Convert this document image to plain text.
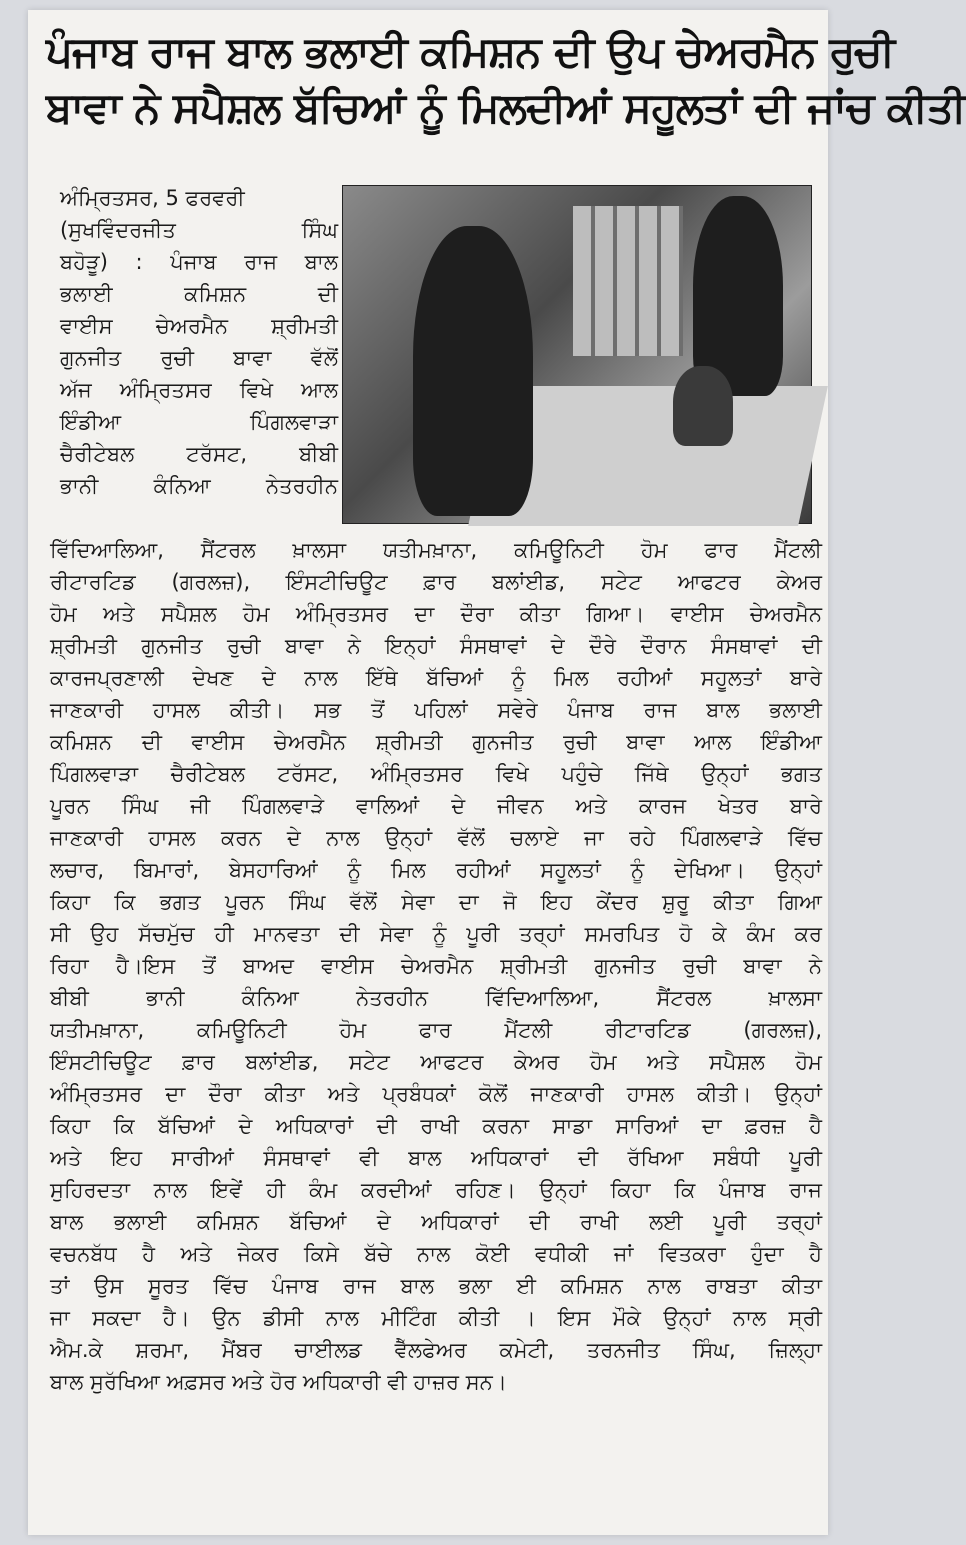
ਪੰਜਾਬ ਰਾਜ ਬਾਲ ਭਲਾਈ ਕਮਿਸ਼ਨ ਦੀ ਉਪ ਚੇਅਰਮੈਨ ਰੁਚੀ
ਬਾਵਾ ਨੇ ਸਪੈਸ਼ਲ ਬੱਚਿਆਂ ਨੂੰ ਮਿਲਦੀਆਂ ਸਹੂਲਤਾਂ ਦੀ ਜਾਂਚ ਕੀਤੀ
ਅੰਮ੍ਰਿਤਸਰ, 5 ਫਰਵਰੀ
(ਸੁਖਵਿੰਦਰਜੀਤ ਸਿੰਘ
ਬਹੋੜੂ) : ਪੰਜਾਬ ਰਾਜ ਬਾਲ
ਭਲਾਈ ਕਮਿਸ਼ਨ ਦੀ
ਵਾਈਸ ਚੇਅਰਮੈਨ ਸ਼੍ਰੀਮਤੀ
ਗੁਨਜੀਤ ਰੁਚੀ ਬਾਵਾ ਵੱਲੋਂ
ਅੱਜ ਅੰਮ੍ਰਿਤਸਰ ਵਿਖੇ ਆਲ
ਇੰਡੀਆ ਪਿੰਗਲਵਾੜਾ
ਚੈਰੀਟੇਬਲ ਟਰੱਸਟ, ਬੀਬੀ
ਭਾਨੀ ਕੰਨਿਆ ਨੇਤਰਹੀਨ
ਵਿੱਦਿਆਲਿਆ, ਸੈਂਟਰਲ ਖ਼ਾਲਸਾ ਯਤੀਮਖ਼ਾਨਾ, ਕਮਿਊਨਿਟੀ ਹੋਮ ਫਾਰ ਮੈਂਟਲੀ
ਰੀਟਾਰਟਿਡ (ਗਰਲਜ਼), ਇੰਸਟੀਚਿਊਟ ਫ਼ਾਰ ਬਲਾਂਈਡ, ਸਟੇਟ ਆਫਟਰ ਕੇਅਰ
ਹੋਮ ਅਤੇ ਸਪੈਸ਼ਲ ਹੋਮ ਅੰਮ੍ਰਿਤਸਰ ਦਾ ਦੌਰਾ ਕੀਤਾ ਗਿਆ। ਵਾਈਸ ਚੇਅਰਮੈਨ
ਸ਼੍ਰੀਮਤੀ ਗੁਨਜੀਤ ਰੁਚੀ ਬਾਵਾ ਨੇ ਇਨ੍ਹਾਂ ਸੰਸਥਾਵਾਂ ਦੇ ਦੌਰੇ ਦੌਰਾਨ ਸੰਸਥਾਵਾਂ ਦੀ
ਕਾਰਜਪ੍ਰਣਾਲੀ ਦੇਖਣ ਦੇ ਨਾਲ ਇੱਥੇ ਬੱਚਿਆਂ ਨੂੰ ਮਿਲ ਰਹੀਆਂ ਸਹੂਲਤਾਂ ਬਾਰੇ
ਜਾਣਕਾਰੀ ਹਾਸਲ ਕੀਤੀ। ਸਭ ਤੋਂ ਪਹਿਲਾਂ ਸਵੇਰੇ ਪੰਜਾਬ ਰਾਜ ਬਾਲ ਭਲਾਈ
ਕਮਿਸ਼ਨ ਦੀ ਵਾਈਸ ਚੇਅਰਮੈਨ ਸ਼੍ਰੀਮਤੀ ਗੁਨਜੀਤ ਰੁਚੀ ਬਾਵਾ ਆਲ ਇੰਡੀਆ
ਪਿੰਗਲਵਾੜਾ ਚੈਰੀਟੇਬਲ ਟਰੱਸਟ, ਅੰਮ੍ਰਿਤਸਰ ਵਿਖੇ ਪਹੁੰਚੇ ਜਿੱਥੇ ਉਨ੍ਹਾਂ ਭਗਤ
ਪੂਰਨ ਸਿੰਘ ਜੀ ਪਿੰਗਲਵਾੜੇ ਵਾਲਿਆਂ ਦੇ ਜੀਵਨ ਅਤੇ ਕਾਰਜ ਖੇਤਰ ਬਾਰੇ
ਜਾਣਕਾਰੀ ਹਾਸਲ ਕਰਨ ਦੇ ਨਾਲ ਉਨ੍ਹਾਂ ਵੱਲੋਂ ਚਲਾਏ ਜਾ ਰਹੇ ਪਿੰਗਲਵਾੜੇ ਵਿੱਚ
ਲਚਾਰ, ਬਿਮਾਰਾਂ, ਬੇਸਹਾਰਿਆਂ ਨੂੰ ਮਿਲ ਰਹੀਆਂ ਸਹੂਲਤਾਂ ਨੂੰ ਦੇਖਿਆ। ਉਨ੍ਹਾਂ
ਕਿਹਾ ਕਿ ਭਗਤ ਪੂਰਨ ਸਿੰਘ ਵੱਲੋਂ ਸੇਵਾ ਦਾ ਜੋ ਇਹ ਕੇਂਦਰ ਸ਼ੁਰੂ ਕੀਤਾ ਗਿਆ
ਸੀ ਉਹ ਸੱਚਮੁੱਚ ਹੀ ਮਾਨਵਤਾ ਦੀ ਸੇਵਾ ਨੂੰ ਪੂਰੀ ਤਰ੍ਹਾਂ ਸਮਰਪਿਤ ਹੋ ਕੇ ਕੰਮ ਕਰ
ਰਿਹਾ ਹੈ।ਇਸ ਤੋਂ ਬਾਅਦ ਵਾਈਸ ਚੇਅਰਮੈਨ ਸ਼੍ਰੀਮਤੀ ਗੁਨਜੀਤ ਰੁਚੀ ਬਾਵਾ ਨੇ
ਬੀਬੀ ਭਾਨੀ ਕੰਨਿਆ ਨੇਤਰਹੀਨ ਵਿੱਦਿਆਲਿਆ, ਸੈਂਟਰਲ ਖ਼ਾਲਸਾ
ਯਤੀਮਖ਼ਾਨਾ, ਕਮਿਊਨਿਟੀ ਹੋਮ ਫਾਰ ਮੈਂਟਲੀ ਰੀਟਾਰਟਿਡ (ਗਰਲਜ਼),
ਇੰਸਟੀਚਿਊਟ ਫ਼ਾਰ ਬਲਾਂਈਡ, ਸਟੇਟ ਆਫਟਰ ਕੇਅਰ ਹੋਮ ਅਤੇ ਸਪੈਸ਼ਲ ਹੋਮ
ਅੰਮ੍ਰਿਤਸਰ ਦਾ ਦੌਰਾ ਕੀਤਾ ਅਤੇ ਪ੍ਰਬੰਧਕਾਂ ਕੋਲੋਂ ਜਾਣਕਾਰੀ ਹਾਸਲ ਕੀਤੀ। ਉਨ੍ਹਾਂ
ਕਿਹਾ ਕਿ ਬੱਚਿਆਂ ਦੇ ਅਧਿਕਾਰਾਂ ਦੀ ਰਾਖੀ ਕਰਨਾ ਸਾਡਾ ਸਾਰਿਆਂ ਦਾ ਫ਼ਰਜ਼ ਹੈ
ਅਤੇ ਇਹ ਸਾਰੀਆਂ ਸੰਸਥਾਵਾਂ ਵੀ ਬਾਲ ਅਧਿਕਾਰਾਂ ਦੀ ਰੱਖਿਆ ਸਬੰਧੀ ਪੂਰੀ
ਸੁਹਿਰਦਤਾ ਨਾਲ ਇਵੇਂ ਹੀ ਕੰਮ ਕਰਦੀਆਂ ਰਹਿਣ। ਉਨ੍ਹਾਂ ਕਿਹਾ ਕਿ ਪੰਜਾਬ ਰਾਜ
ਬਾਲ ਭਲਾਈ ਕਮਿਸ਼ਨ ਬੱਚਿਆਂ ਦੇ ਅਧਿਕਾਰਾਂ ਦੀ ਰਾਖੀ ਲਈ ਪੂਰੀ ਤਰ੍ਹਾਂ
ਵਚਨਬੱਧ ਹੈ ਅਤੇ ਜੇਕਰ ਕਿਸੇ ਬੱਚੇ ਨਾਲ ਕੋਈ ਵਧੀਕੀ ਜਾਂ ਵਿਤਕਰਾ ਹੁੰਦਾ ਹੈ
ਤਾਂ ਉਸ ਸੂਰਤ ਵਿੱਚ ਪੰਜਾਬ ਰਾਜ ਬਾਲ ਭਲਾ ਈ ਕਮਿਸ਼ਨ ਨਾਲ ਰਾਬਤਾ ਕੀਤਾ
ਜਾ ਸਕਦਾ ਹੈ। ਉਨ ਡੀਸੀ ਨਾਲ ਮੀਟਿੰਗ ਕੀਤੀ । ਇਸ ਮੌਕੇ ਉਨ੍ਹਾਂ ਨਾਲ ਸ੍ਰੀ
ਐਮ.ਕੇ ਸ਼ਰਮਾ, ਮੈਂਬਰ ਚਾਈਲਡ ਵੈੱਲਫੇਅਰ ਕਮੇਟੀ, ਤਰਨਜੀਤ ਸਿੰਘ, ਜ਼ਿਲ੍ਹਾ
ਬਾਲ ਸੁਰੱਖਿਆ ਅਫ਼ਸਰ ਅਤੇ ਹੋਰ ਅਧਿਕਾਰੀ ਵੀ ਹਾਜ਼ਰ ਸਨ।
